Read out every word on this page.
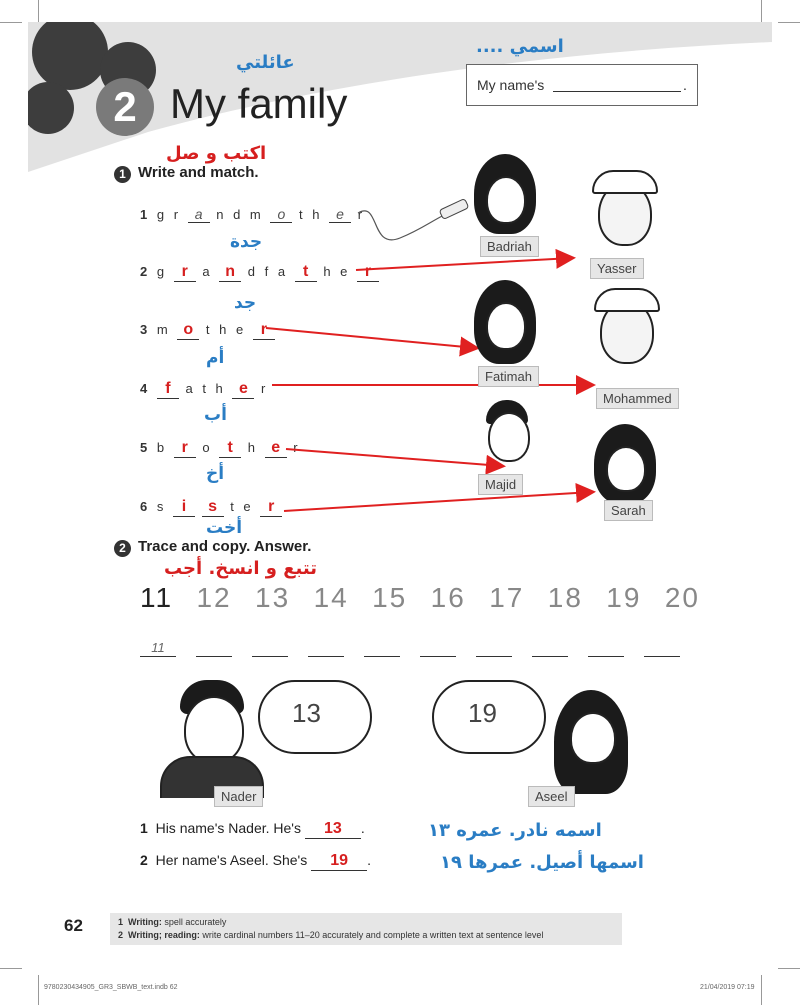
2 My family
عائلتي
اسمي ....
My name's	.
اكتب و صل
1 Write and match.
1 g r a n d m o t h e r
جدة
2 g r a n d f a t h e r
جد
3 m o t h e r
أم
4 f a t h e r
أب
5 b r o t h e r
أخ
6 s i s t e r
أخت
Badriah
Yasser
Fatimah
Mohammed
Majid
Sarah
2 Trace and copy. Answer.
تتبع و انسخ. أجب
11 12 13 14 15 16 17 18 19 20
11
13
Nader
19
Aseel
1 His name's Nader. He's 13 .	اسمه نادر. عمره ١٣
2 Her name's Aseel. She's 19 .	اسمها أصيل. عمرها ١٩
62	1 Writing: spell accurately
2 Writing; reading: write cardinal numbers 11–20 accurately and complete a written text at sentence level
9780230434905_GR3_SBWB_text.indb 62	21/04/2019 07:19
